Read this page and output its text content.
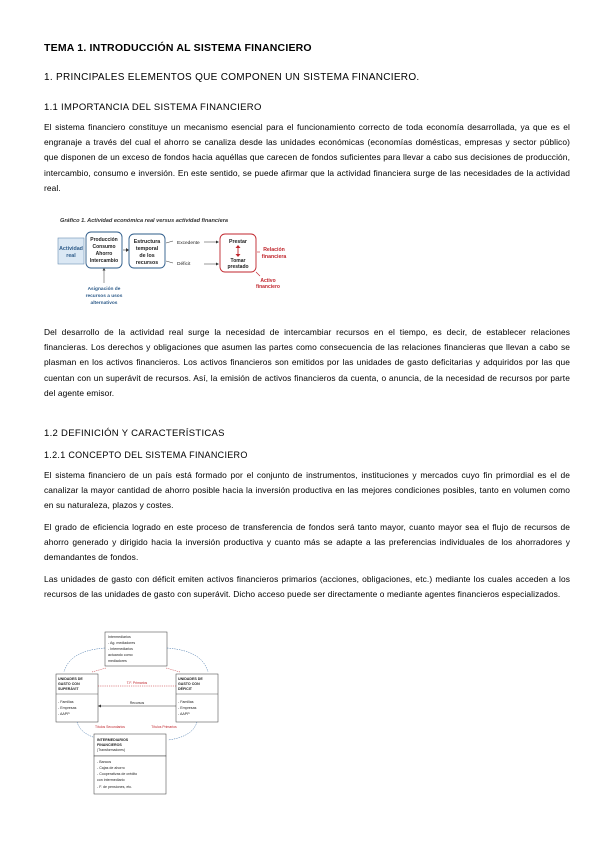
TEMA 1. INTRODUCCIÓN AL SISTEMA FINANCIERO
1. PRINCIPALES ELEMENTOS QUE COMPONEN UN SISTEMA FINANCIERO.
1.1 IMPORTANCIA DEL SISTEMA FINANCIERO

El sistema financiero constituye un mecanismo esencial para el funcionamiento correcto de toda economía desarrollada, ya que es el engranaje a través del cual el ahorro se canaliza desde las unidades económicas (economías domésticas, empresas y sector público) que disponen de un exceso de fondos hacia aquéllas que carecen de fondos suficientes para llevar a cabo sus decisiones de producción, intercambio, consumo e inversión. En este sentido, se puede afirmar que la actividad financiera surge de las necesidades de la actividad real.

Gráfico 1. Actividad económica real versus actividad financiera
Actividad
real
Producción
Consumo
Ahorro
Intercambio
Estructura
temporal
de los
recursos
Excedente
Déficit
Prestar
Tomar
prestado
Relación
financiera
Activo
financiero
Asignación de
recursos a usos
alternativos

Del desarrollo de la actividad real surge la necesidad de intercambiar recursos en el tiempo, es decir, de establecer relaciones financieras. Los derechos y obligaciones que asumen las partes como consecuencia de las relaciones financieras que llevan a cabo se plasman en los activos financieros. Los activos financieros son emitidos por las unidades de gasto deficitarias y adquiridos por las que cuentan con un superávit de recursos. Así, la emisión de activos financieros da cuenta, o anuncia, de la necesidad de recursos por parte del agente emisor.

1.2 DEFINICIÓN Y CARACTERÍSTICAS
1.2.1 CONCEPTO DEL SISTEMA FINANCIERO

El sistema financiero de un país está formado por el conjunto de instrumentos, instituciones y mercados cuyo fin primordial es el de canalizar la mayor cantidad de ahorro posible hacia la inversión productiva en las mejores condiciones posibles, tanto en volumen como en su naturaleza, plazos y costes.

El grado de eficiencia logrado en este proceso de transferencia de fondos será tanto mayor, cuanto mayor sea el flujo de recursos de ahorro generado y dirigido hacia la inversión productiva y cuanto más se adapte a las preferencias individuales de los ahorradores y demandantes de fondos.

Las unidades de gasto con déficit emiten activos financieros primarios (acciones, obligaciones, etc.) mediante los cuales acceden a los recursos de las unidades de gasto con superávit. Dicho acceso puede ser directamente o mediante agentes financieros especializados.

Intermediarios
- Ag. mediadores
- Intermediarios
actuando como
mediadores
UNIDADES DE
GASTO CON
SUPERÁVIT
- Familias
- Empresas
- AAPP
UNIDADES DE
GASTO CON
DÉFICIT
- Familias
- Empresas
- AAPP
T.F. Primarios
Recursos
Títulos Secundarios	Títulos Primarios
INTERMEDIARIOS
FINANCIEROS
(Transformadores)
- Bancos
- Cajas de ahorro
- Cooperativas de crédito
con intermediario
- F. de pensiones, etc.
